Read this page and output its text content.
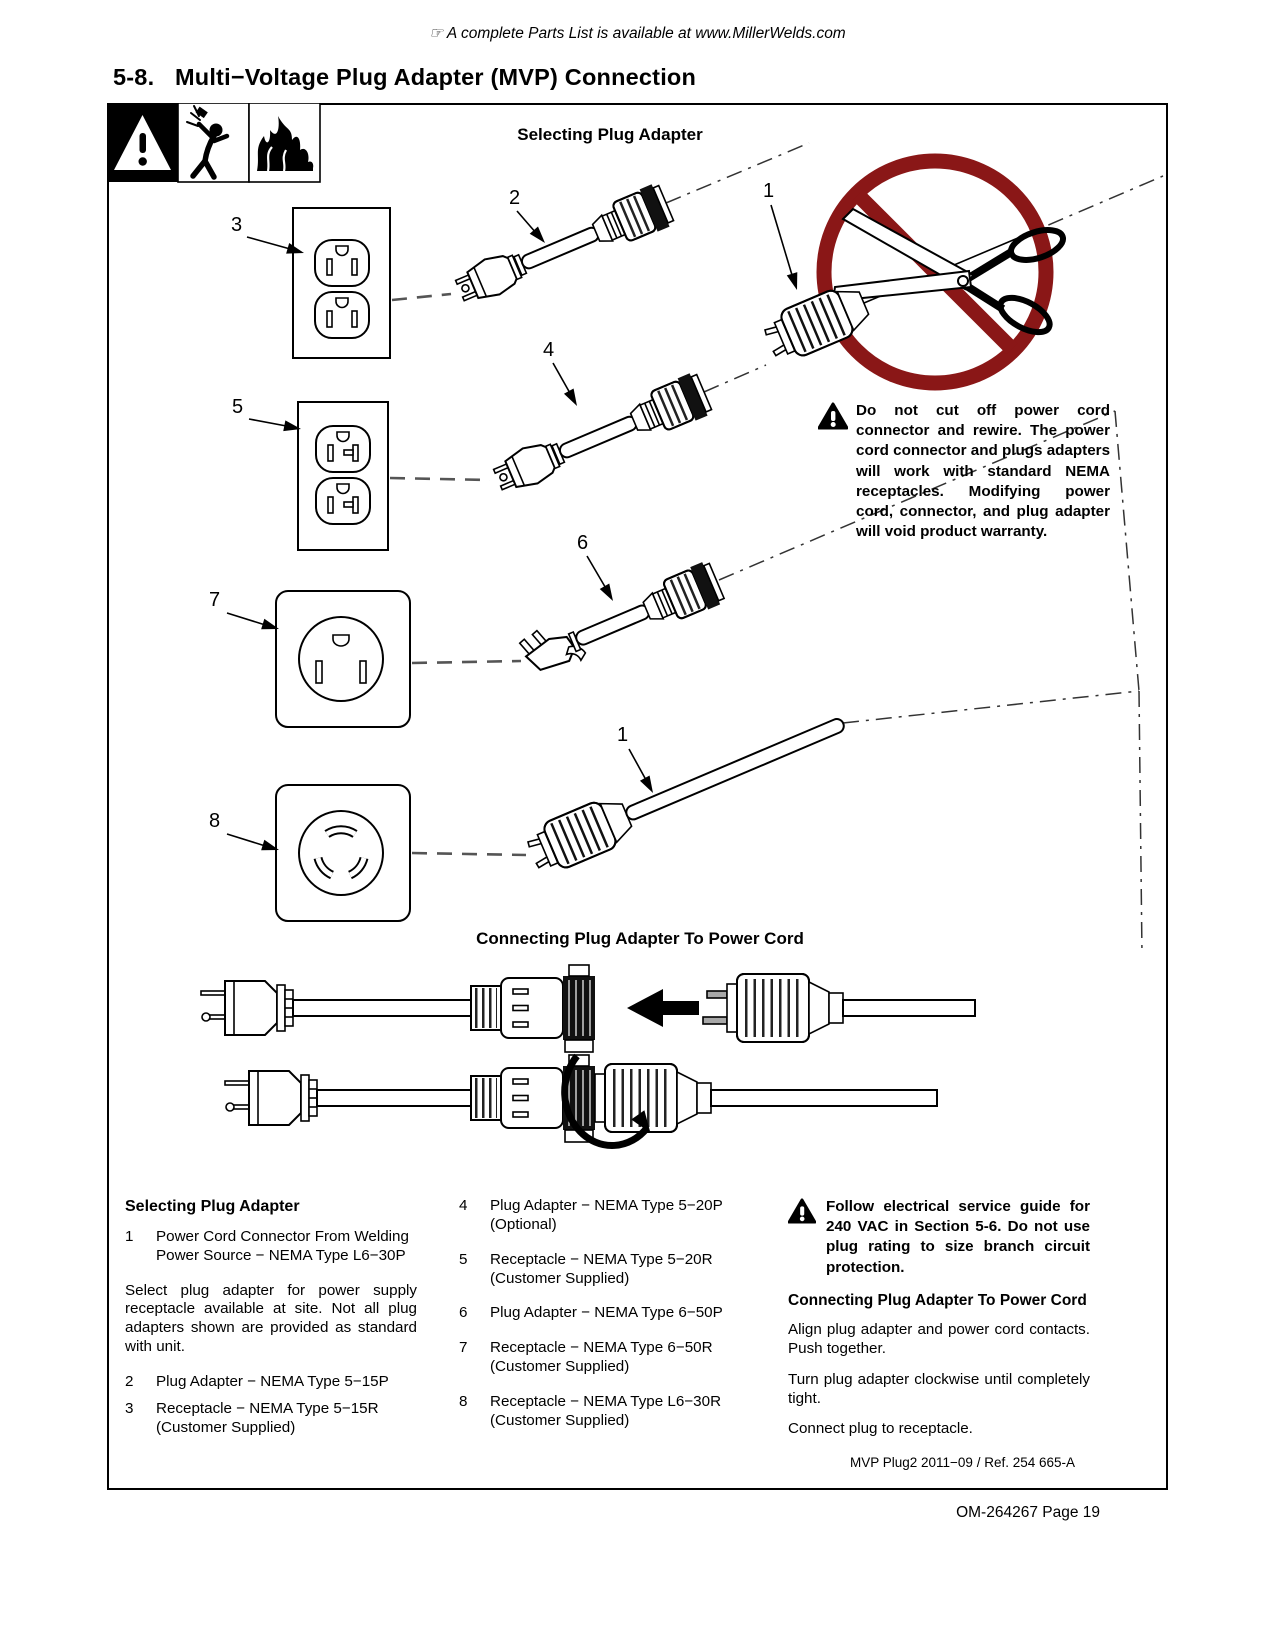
☞ A complete Parts List is available at www.MillerWelds.com
5-8. Multi−Voltage Plug Adapter (MVP) Connection
Selecting Plug Adapter
2
3
1
4
5
6
7
8
1
Do not cut off power cord connector and rewire. The power cord connector and plugs adapters will work with standard NEMA receptacles. Modifying power cord, connector, and plug adapter will void product warranty.
Connecting Plug Adapter To Power Cord
Selecting Plug Adapter
1	Power Cord Connector From Welding Power Source − NEMA Type L6−30P
Select plug adapter for power supply receptacle available at site. Not all plug adapters shown are provided as standard with unit.
2	Plug Adapter − NEMA Type 5−15P
3	Receptacle − NEMA Type 5−15R (Customer Supplied)
4	Plug Adapter − NEMA Type 5−20P (Optional)
5	Receptacle − NEMA Type 5−20R (Customer Supplied)
6	Plug Adapter − NEMA Type 6−50P
7	Receptacle − NEMA Type 6−50R (Customer Supplied)
8	Receptacle − NEMA Type L6−30R (Customer Supplied)
Follow electrical service guide for 240 VAC in Section 5-6. Do not use plug rating to size branch circuit protection.
Connecting Plug Adapter To Power Cord
Align plug adapter and power cord contacts. Push together.
Turn plug adapter clockwise until completely tight.
Connect plug to receptacle.
MVP Plug2 2011−09 / Ref. 254 665-A
OM-264267 Page 19
